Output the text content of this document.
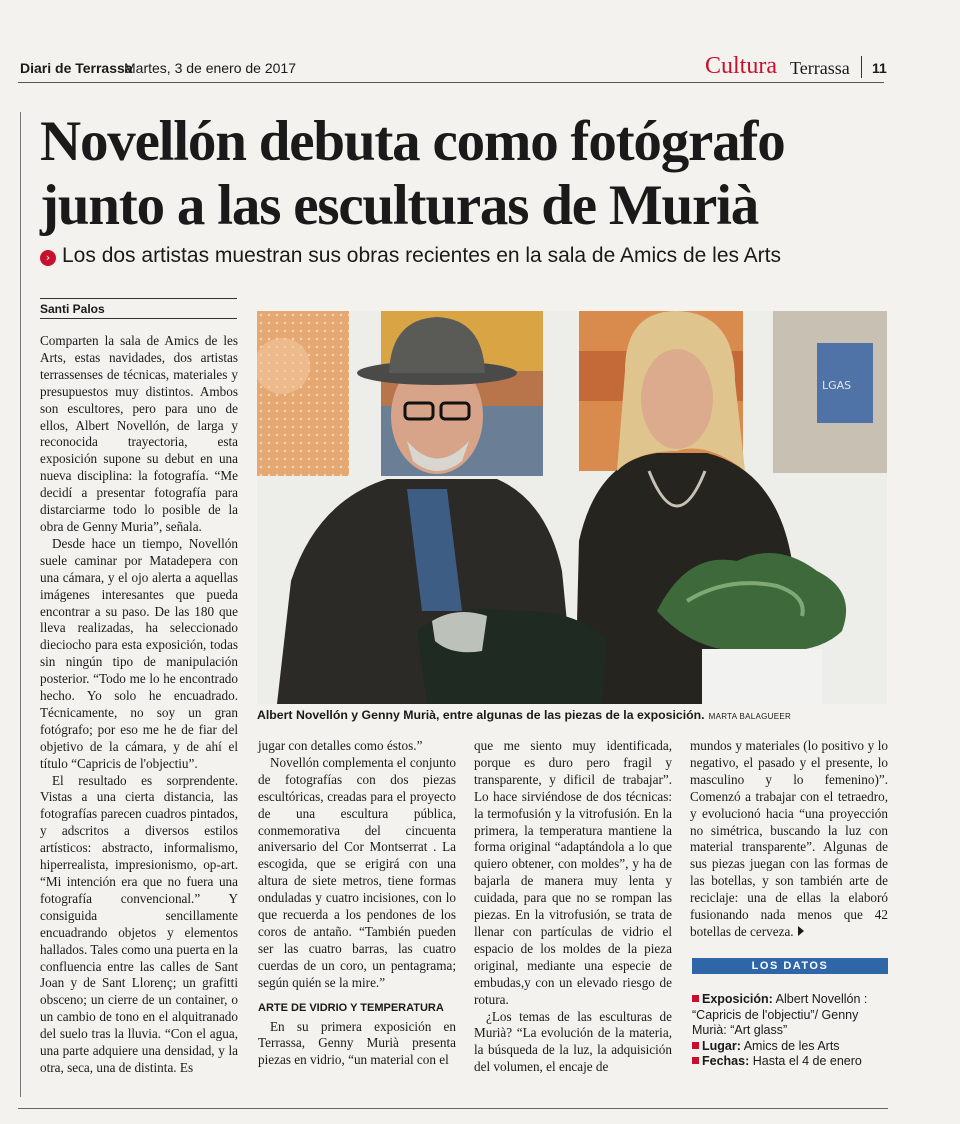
Diari de Terrassa
Martes, 3 de enero de 2017	Cultura Terrassa 11
Novellón debuta como fotógrafo
junto a las esculturas de Murià
› Los dos artistas muestran sus obras recientes en la sala de Amics de les Arts
Santi Palos

Comparten la sala de Amics de les Arts, estas navidades, dos artistas terrassenses de técnicas, materiales y presupuestos muy distintos. Ambos son escultores, pero para uno de ellos, Albert Novellón, de larga y reconocida trayectoria, esta exposición supone su debut en una nueva disciplina: la fotografía. “Me decidí a presentar fotografía para distarciarme todo lo posible de la obra de Genny Muria”, señala.

Desde hace un tiempo, Novellón suele caminar por Matadepera con una cámara, y el ojo alerta a aquellas imágenes interesantes que pueda encontrar a su paso. De las 180 que lleva realizadas, ha seleccionado dieciocho para esta exposición, todas sin ningún tipo de manipulación posterior. “Todo me lo he encontrado hecho. Yo solo he encuadrado. Técnicamente, no soy un gran fotógrafo; por eso me he de fiar del objetivo de la cámara, y de ahí el título “Capricis de l'objectiu”.

El resultado es sorprendente. Vistas a una cierta distancia, las fotografías parecen cuadros pintados, y adscritos a diversos estilos artísticos: abstracto, informalismo, hiperrealista, impresionismo, op-art. “Mi intención era que no fuera una fotografía convencional.” Y consiguida sencillamente encuadrando objetos y elementos hallados. Tales como una puerta en la confluencia entre las calles de Sant Joan y de Sant Llorenç; un grafitti obsceno; un cierre de un container, o un cambio de tono en el alquitranado del suelo tras la lluvia. “Con el agua, una parte adquiere una densidad, y la otra, seca, una de distinta. Es

LGAS
Albert Novellón y Genny Murià, entre algunas de las piezas de la exposición. MARTA BALAGUEER

jugar con detalles como éstos.”

Novellón complementa el conjunto de fotografías con dos piezas escultóricas, creadas para el proyecto de una escultura pública, conmemorativa del cincuenta aniversario del Cor Montserrat . La escogida, que se erigirá con una altura de siete metros, tiene formas onduladas y cuatro incisiones, con lo que recuerda a los pendones de los coros de antaño. “También pueden ser las cuatro barras, las cuatro cuerdas de un coro, un pentagrama; según quién se la mire.”

ARTE DE VIDRIO Y TEMPERATURA

En su primera exposición en Terrassa, Genny Murià presenta piezas en vidrio, “un material con el

que me siento muy identificada, porque es duro pero fragil y transparente, y dificil de trabajar”. Lo hace sirviéndose de dos técnicas: la termofusión y la vitrofusión. En la primera, la temperatura mantiene la forma original “adaptándola a lo que quiero obtener, con moldes”, y ha de bajarla de manera muy lenta y cuidada, para que no se rompan las piezas. En la vitrofusión, se trata de llenar con partículas de vidrio el espacio de los moldes de la pieza original, mediante una especie de embudas,y con un elevado riesgo de rotura.

¿Los temas de las esculturas de Murià? “La evolución de la materia, la búsqueda de la luz, la adquisición del volumen, el encaje de

mundos y materiales (lo positivo y lo negativo, el pasado y el presente, lo masculino y lo femenino)”. Comenzó a trabajar con el tetraedro, y evolucionó hacia “una proyección no simétrica, buscando la luz con material transparente”. Algunas de sus piezas juegan con las formas de las botellas, y son también arte de reciclaje: una de ellas la elaboró fusionando nada menos que 42 botellas de cerveza.

LOS DATOS
Exposición: Albert Novellón : “Capricis de l'objectiu”/ Genny Murià: “Art glass”
Lugar: Amics de les Arts
Fechas: Hasta el 4 de enero
